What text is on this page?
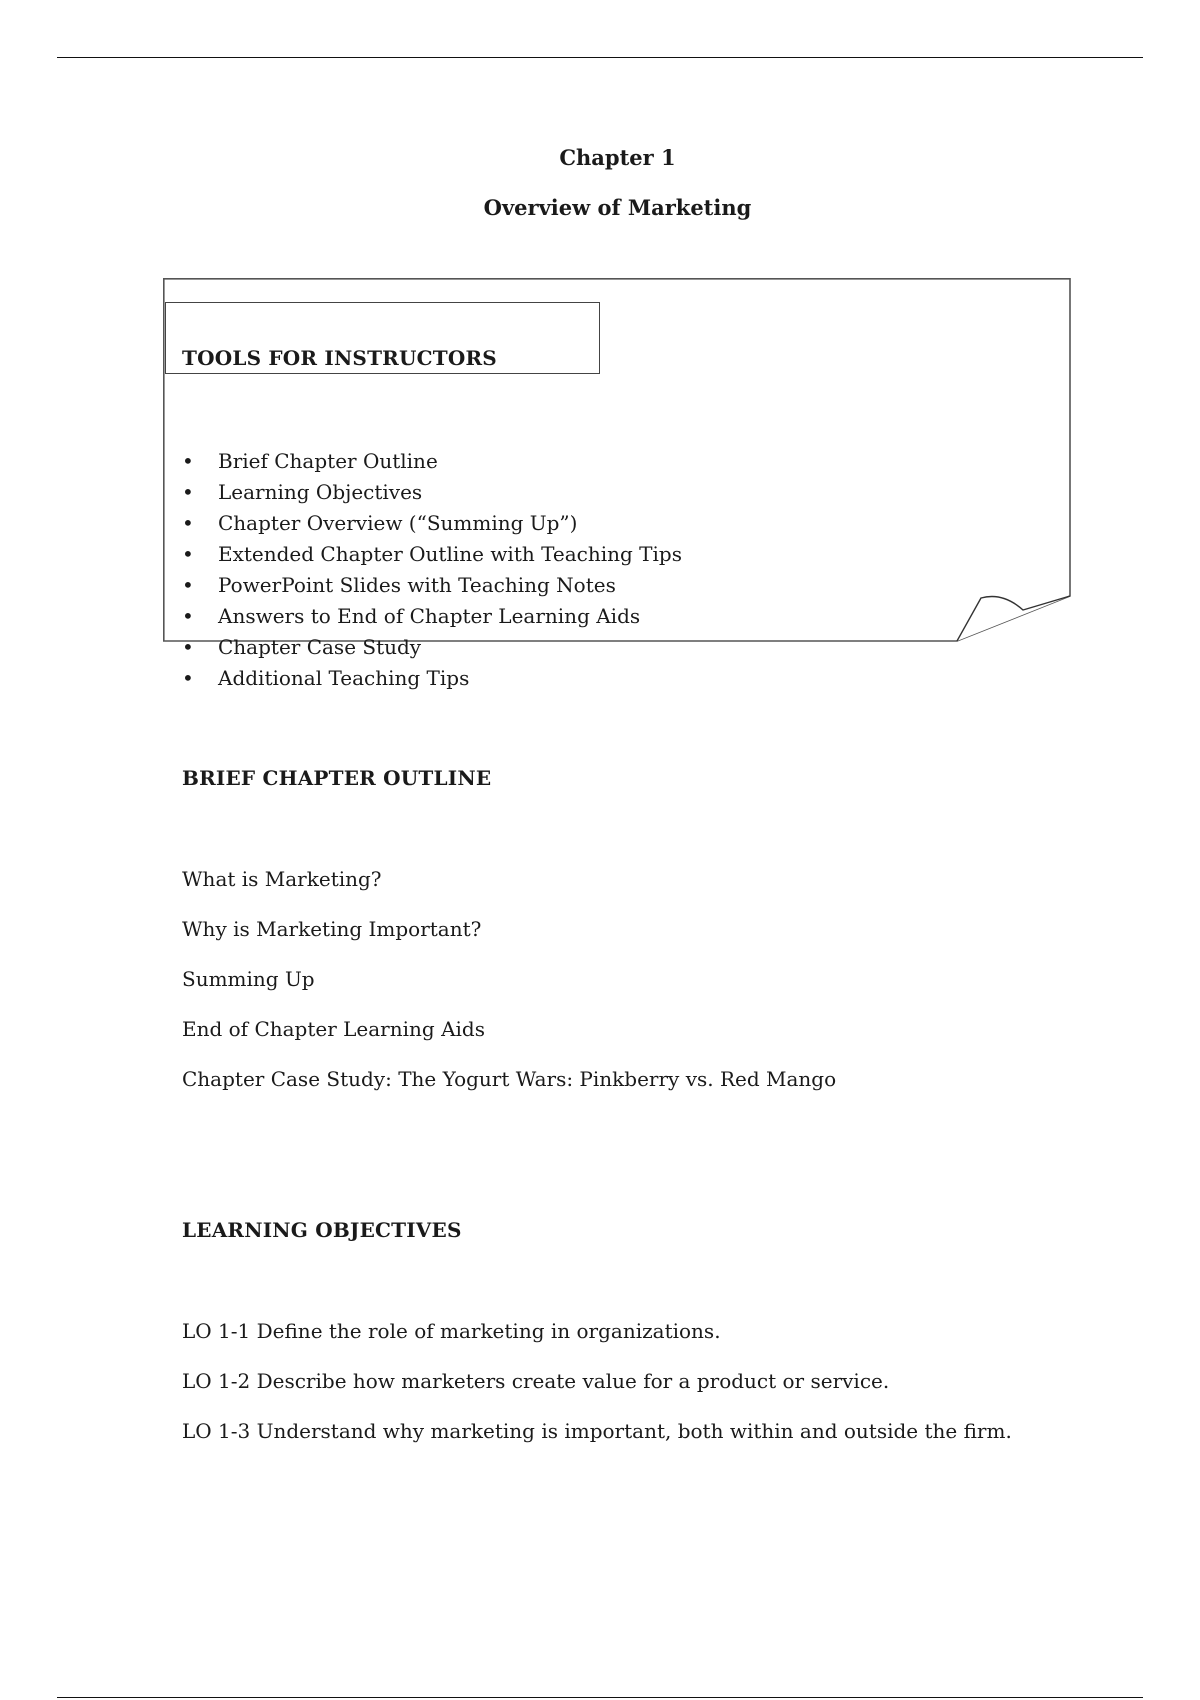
Chapter 1
Overview of Marketing
TOOLS FOR INSTRUCTORS
• Brief Chapter Outline
• Learning Objectives
• Chapter Overview (“Summing Up”)
• Extended Chapter Outline with Teaching Tips
• PowerPoint Slides with Teaching Notes
• Answers to End of Chapter Learning Aids
• Chapter Case Study
• Additional Teaching Tips
BRIEF CHAPTER OUTLINE
What is Marketing?
Why is Marketing Important?
Summing Up
End of Chapter Learning Aids
Chapter Case Study: The Yogurt Wars: Pinkberry vs. Red Mango
LEARNING OBJECTIVES
LO 1-1 Define the role of marketing in organizations.
LO 1-2 Describe how marketers create value for a product or service.
LO 1-3 Understand why marketing is important, both within and outside the firm.
